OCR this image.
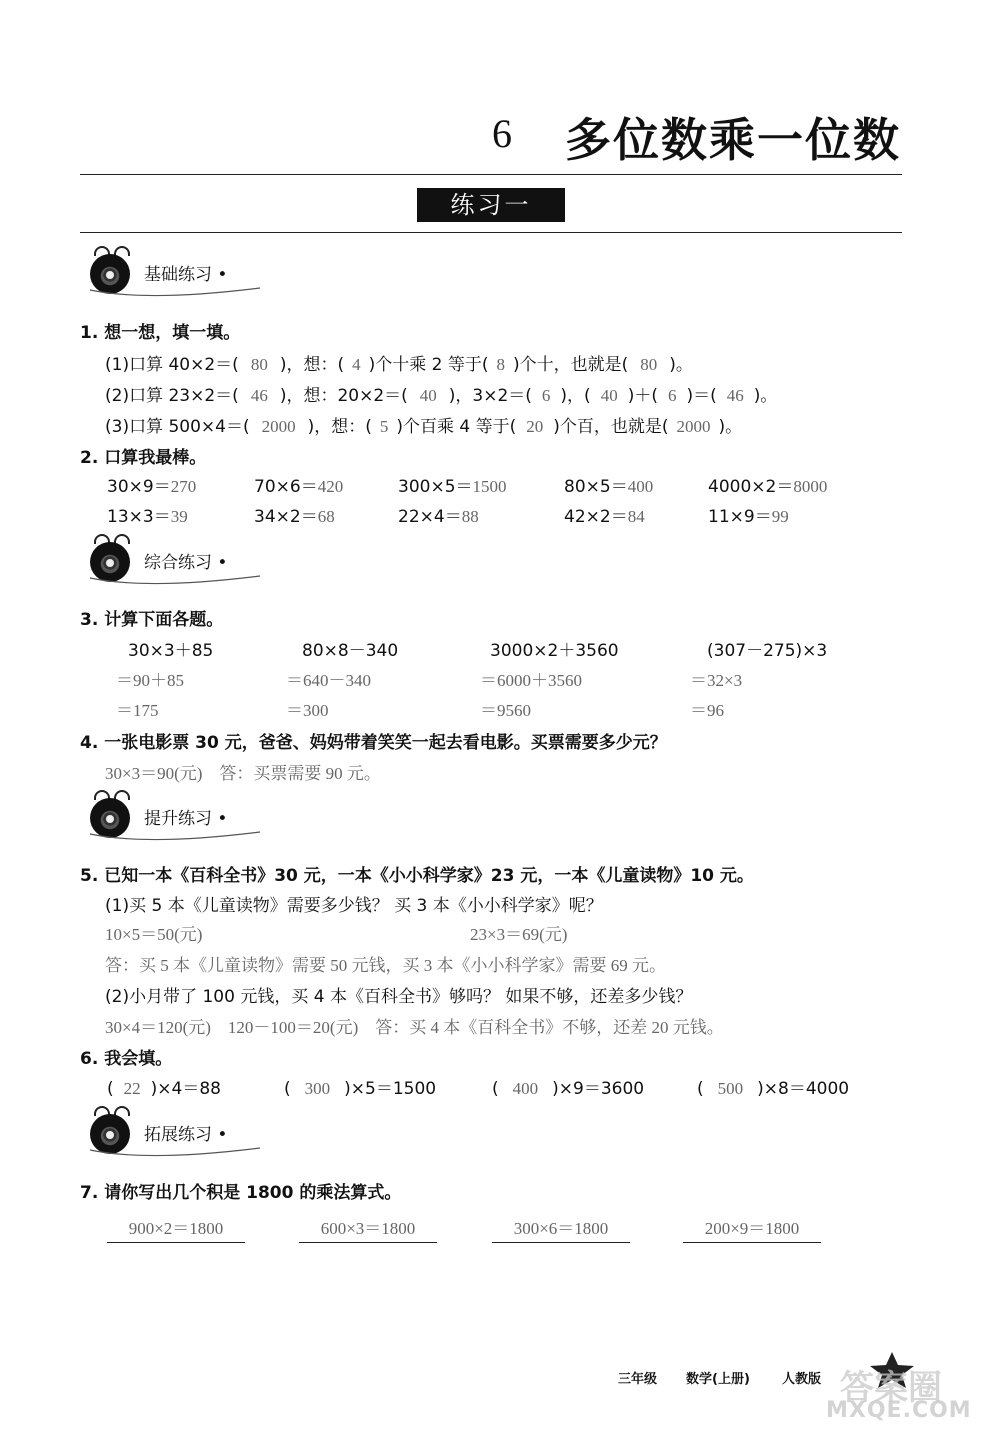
6 多位数乘一位数
练习一
基础练习 •
1. 想一想，填一填。
(1)口算 40×2＝( 80 )，想：( 4 )个十乘 2 等于( 8 )个十，也就是( 80 )。
(2)口算 23×2＝( 46 )，想：20×2＝( 40 )，3×2＝( 6 )，( 40 )＋( 6 )＝( 46 )。
(3)口算 500×4＝( 2000 )，想：( 5 )个百乘 4 等于( 20 )个百，也就是( 2000 )。
2. 口算我最棒。
30×9＝270	70×6＝420	300×5＝1500	80×5＝400	4000×2＝8000
13×3＝39	34×2＝68	22×4＝88	42×2＝84	11×9＝99
综合练习 •
3. 计算下面各题。
30×3＋85	80×8－340	3000×2＋3560	(307－275)×3
＝90＋85	＝640－340	＝6000＋3560	＝32×3
＝175	＝300	＝9560	＝96
4. 一张电影票 30 元，爸爸、妈妈带着笑笑一起去看电影。买票需要多少元？
30×3＝90(元)　答：买票需要 90 元。
提升练习 •
5. 已知一本《百科全书》30 元，一本《小小科学家》23 元，一本《儿童读物》10 元。
(1)买 5 本《儿童读物》需要多少钱？ 买 3 本《小小科学家》呢？
10×5＝50(元)	23×3＝69(元)
答：买 5 本《儿童读物》需要 50 元钱，买 3 本《小小科学家》需要 69 元。
(2)小月带了 100 元钱，买 4 本《百科全书》够吗？ 如果不够，还差多少钱？
30×4＝120(元)　120－100＝20(元)　答：买 4 本《百科全书》不够，还差 20 元钱。
6. 我会填。
( 22 )×4＝88	( 300 )×5＝1500	( 400 )×9＝3600	( 500 )×8＝4000
拓展练习 •
7. 请你写出几个积是 1800 的乘法算式。
900×2＝1800	600×3＝1800	300×6＝1800	200×9＝1800
三年级 数学(上册) 人教版 答案圈
MXQE.COM
